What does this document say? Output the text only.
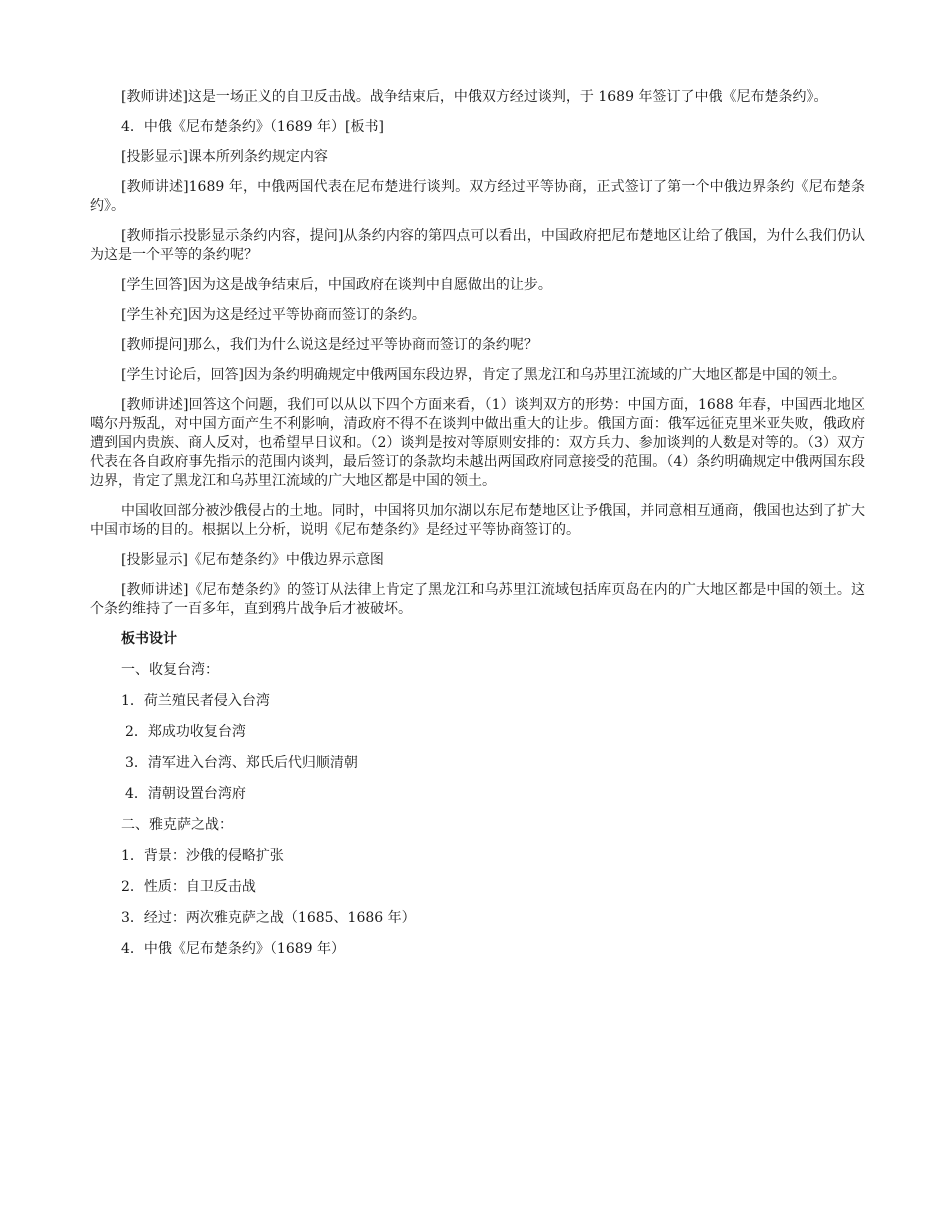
[教师讲述]这是一场正义的自卫反击战。战争结束后，中俄双方经过谈判，于 1689 年签订了中俄《尼布楚条约》。

4．中俄《尼布楚条约》（1689 年）[板书]

[投影显示]课本所列条约规定内容

[教师讲述]1689 年，中俄两国代表在尼布楚进行谈判。双方经过平等协商，正式签订了第一个中俄边界条约《尼布楚条约》。

[教师指示投影显示条约内容，提问]从条约内容的第四点可以看出，中国政府把尼布楚地区让给了俄国，为什么我们仍认为这是一个平等的条约呢？

[学生回答]因为这是战争结束后，中国政府在谈判中自愿做出的让步。

[学生补充]因为这是经过平等协商而签订的条约。

[教师提问]那么，我们为什么说这是经过平等协商而签订的条约呢？

[学生讨论后，回答]因为条约明确规定中俄两国东段边界，肯定了黑龙江和乌苏里江流域的广大地区都是中国的领土。

[教师讲述]回答这个问题，我们可以从以下四个方面来看，（1）谈判双方的形势：中国方面，1688 年春，中国西北地区噶尔丹叛乱，对中国方面产生不利影响，清政府不得不在谈判中做出重大的让步。俄国方面：俄军远征克里米亚失败，俄政府遭到国内贵族、商人反对，也希望早日议和。（2）谈判是按对等原则安排的：双方兵力、参加谈判的人数是对等的。（3）双方代表在各自政府事先指示的范围内谈判，最后签订的条款均未越出两国政府同意接受的范围。（4）条约明确规定中俄两国东段边界，肯定了黑龙江和乌苏里江流域的广大地区都是中国的领土。

中国收回部分被沙俄侵占的土地。同时，中国将贝加尔湖以东尼布楚地区让予俄国，并同意相互通商，俄国也达到了扩大中国市场的目的。根据以上分析，说明《尼布楚条约》是经过平等协商签订的。

[投影显示]《尼布楚条约》中俄边界示意图

[教师讲述]《尼布楚条约》的签订从法律上肯定了黑龙江和乌苏里江流域包括库页岛在内的广大地区都是中国的领土。这个条约维持了一百多年，直到鸦片战争后才被破坏。

板书设计
一、收复台湾：
1．荷兰殖民者侵入台湾
2．郑成功收复台湾
3．清军进入台湾、郑氏后代归顺清朝
4．清朝设置台湾府
二、雅克萨之战：
1．背景：沙俄的侵略扩张
2．性质：自卫反击战
3．经过：两次雅克萨之战（1685、1686 年）
4．中俄《尼布楚条约》（1689 年）
